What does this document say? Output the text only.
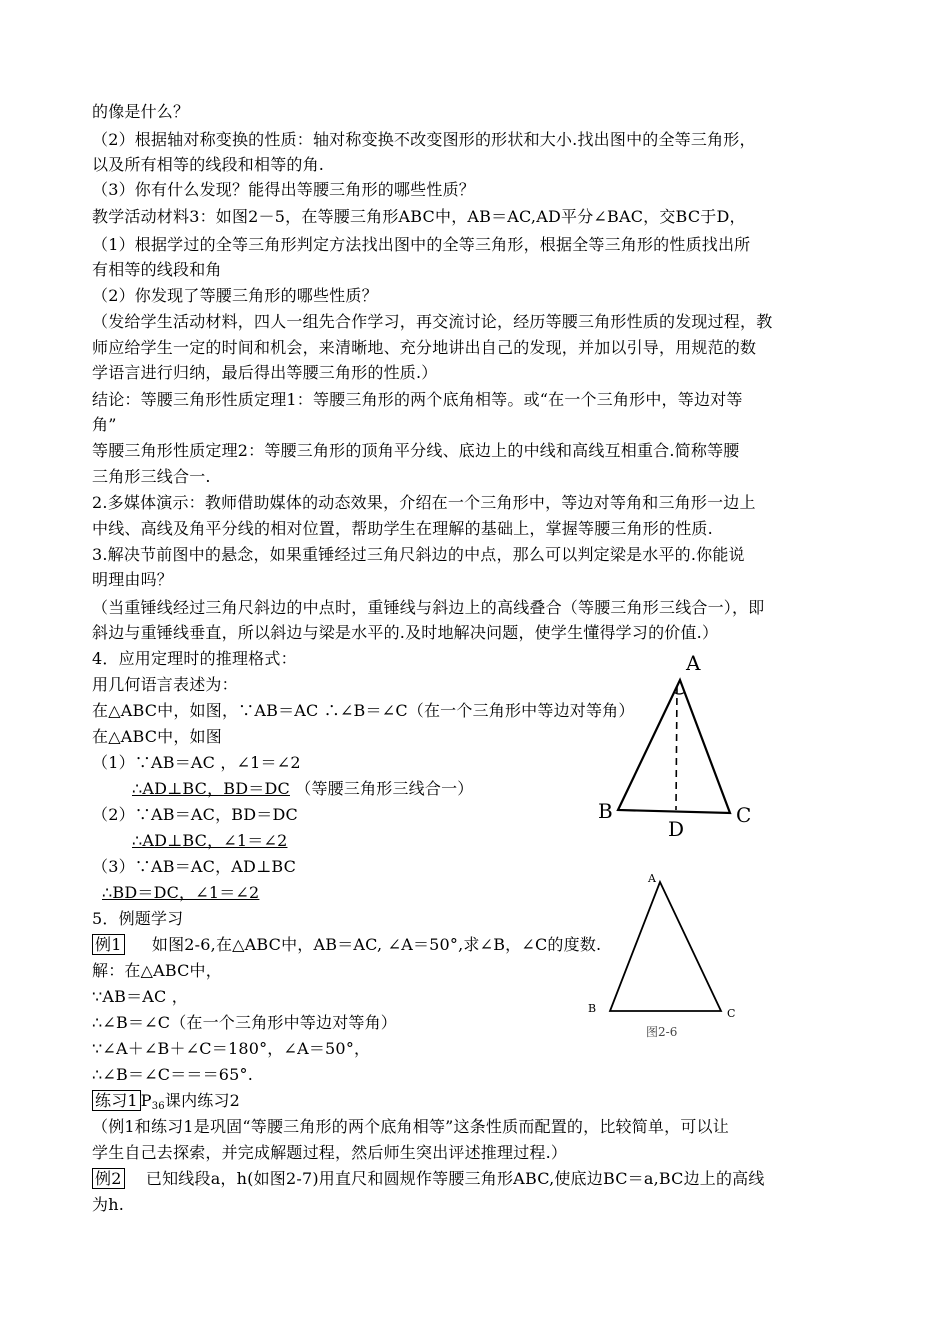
的像是什么？
（2）根据轴对称变换的性质：轴对称变换不改变图形的形状和大小.找出图中的全等三角形，
以及所有相等的线段和相等的角.
（3）你有什么发现？能得出等腰三角形的哪些性质？
教学活动材料3：如图2－5，在等腰三角形ABC中，AB＝AC,AD平分∠BAC，交BC于D，
（1）根据学过的全等三角形判定方法找出图中的全等三角形，根据全等三角形的性质找出所
有相等的线段和角
（2）你发现了等腰三角形的哪些性质？
（发给学生活动材料，四人一组先合作学习，再交流讨论，经历等腰三角形性质的发现过程，教
师应给学生一定的时间和机会，来清晰地、充分地讲出自己的发现，并加以引导，用规范的数
学语言进行归纳，最后得出等腰三角形的性质.）
结论：等腰三角形性质定理1：等腰三角形的两个底角相等。或“在一个三角形中，等边对等
角”
等腰三角形性质定理2：等腰三角形的顶角平分线、底边上的中线和高线互相重合.简称等腰
三角形三线合一.
2.多媒体演示：教师借助媒体的动态效果，介绍在一个三角形中，等边对等角和三角形一边上
中线、高线及角平分线的相对位置，帮助学生在理解的基础上，掌握等腰三角形的性质.
3.解决节前图中的悬念，如果重锤经过三角尺斜边的中点，那么可以判定梁是水平的.你能说
明理由吗？
（当重锤线经过三角尺斜边的中点时，重锤线与斜边上的高线叠合（等腰三角形三线合一），即
斜边与重锤线垂直，所以斜边与梁是水平的.及时地解决问题，使学生懂得学习的价值.）
4．应用定理时的推理格式：
用几何语言表述为：
在△ABC中，如图，∵AB＝AC ∴∠B＝∠C（在一个三角形中等边对等角）
在△ABC中，如图
（1）∵AB＝AC ，∠1＝∠2
∴AD⊥BC，BD＝DC （等腰三角形三线合一）
（2）∵AB＝AC，BD＝DC
∴AD⊥BC，∠1＝∠2
（3）∵AB＝AC，AD⊥BC
∴BD＝DC，∠1＝∠2
5．例题学习
例1 如图2-6,在△ABC中，AB＝AC, ∠A＝50°,求∠B，∠C的度数.
解：在△ABC中，
∵AB＝AC ，
∴∠B＝∠C（在一个三角形中等边对等角）
∵∠A＋∠B＋∠C＝180°，∠A＝50°，
∴∠B＝∠C＝＝＝65°.
练习1 $P_{36}$课内练习2
（例1和练习1是巩固“等腰三角形的两个底角相等”这条性质而配置的，比较简单，可以让
学生自己去探索，并完成解题过程，然后师生突出评述推理过程.）
例2 已知线段a，h(如图2-7)用直尺和圆规作等腰三角形ABC,使底边BC＝a,BC边上的高线
为h.
A
B	C
D
A
B	C
图2-6
